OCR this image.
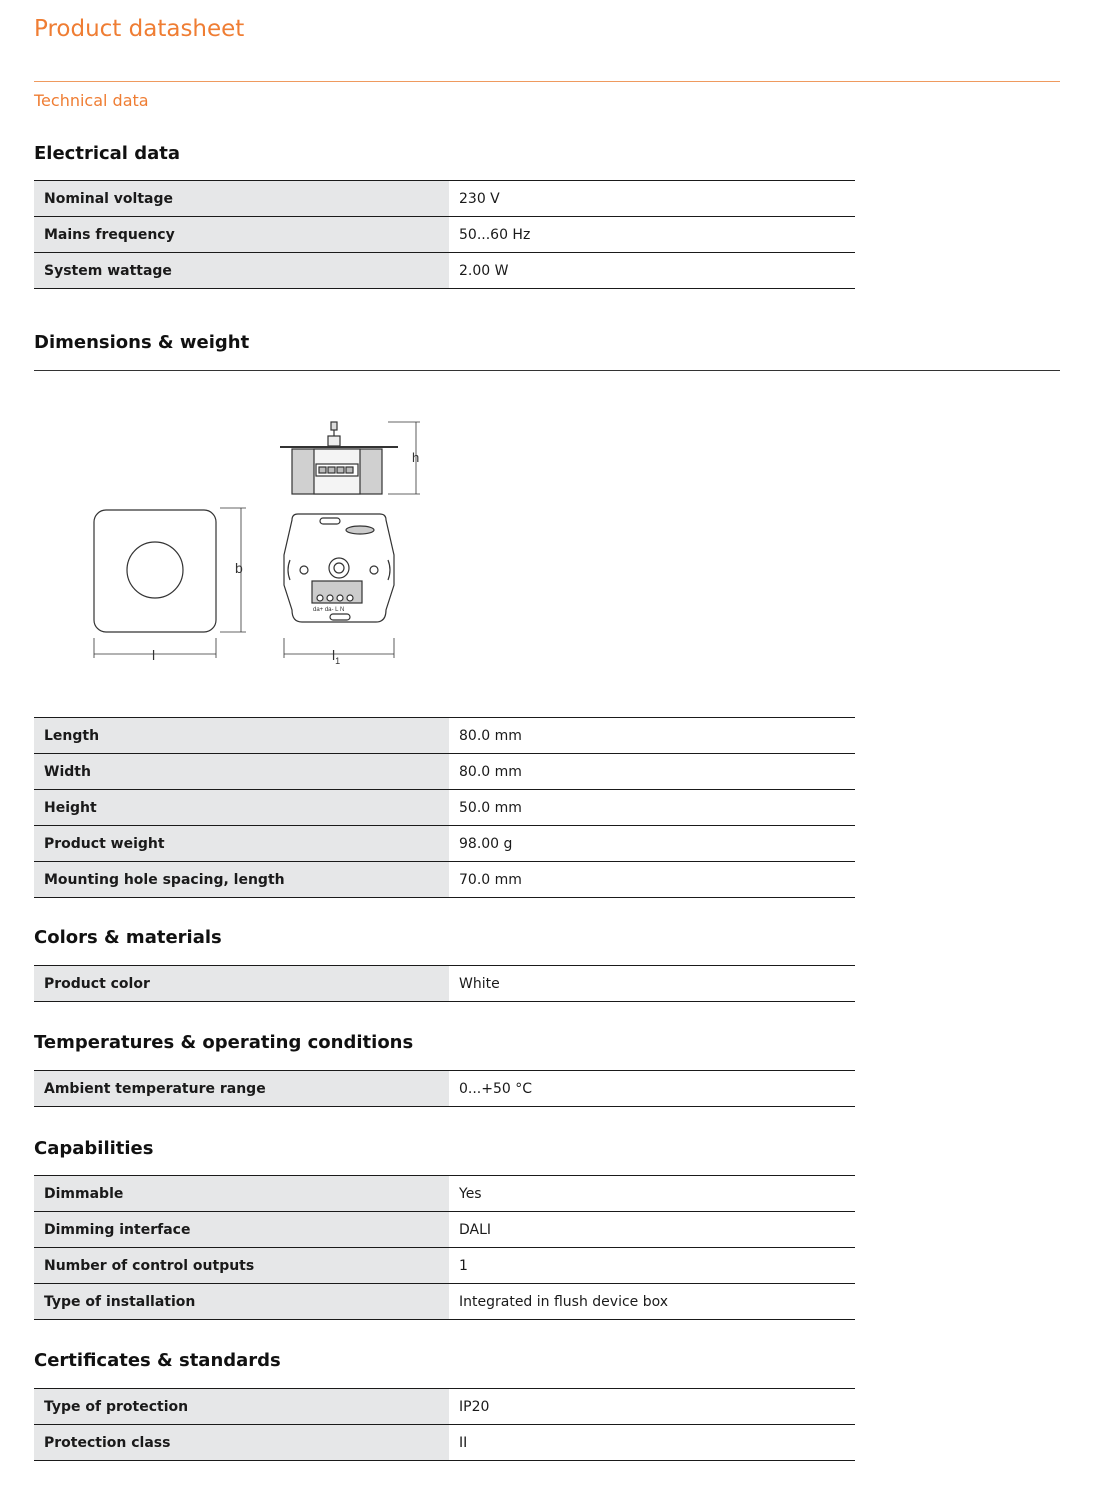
Product datasheet
Technical data
Electrical data
Nominal voltage	230 V
Mains frequency	50...60 Hz
System wattage	2.00 W
Dimensions & weight
h
b
l
da+ da- L N
$l_1$
Length	80.0 mm
Width	80.0 mm
Height	50.0 mm
Product weight	98.00 g
Mounting hole spacing, length	70.0 mm
Colors & materials
Product color	White
Temperatures & operating conditions
Ambient temperature range	0...+50 °C
Capabilities
Dimmable	Yes
Dimming interface	DALI
Number of control outputs	1
Type of installation	Integrated in flush device box
Certificates & standards
Type of protection	IP20
Protection class	II
